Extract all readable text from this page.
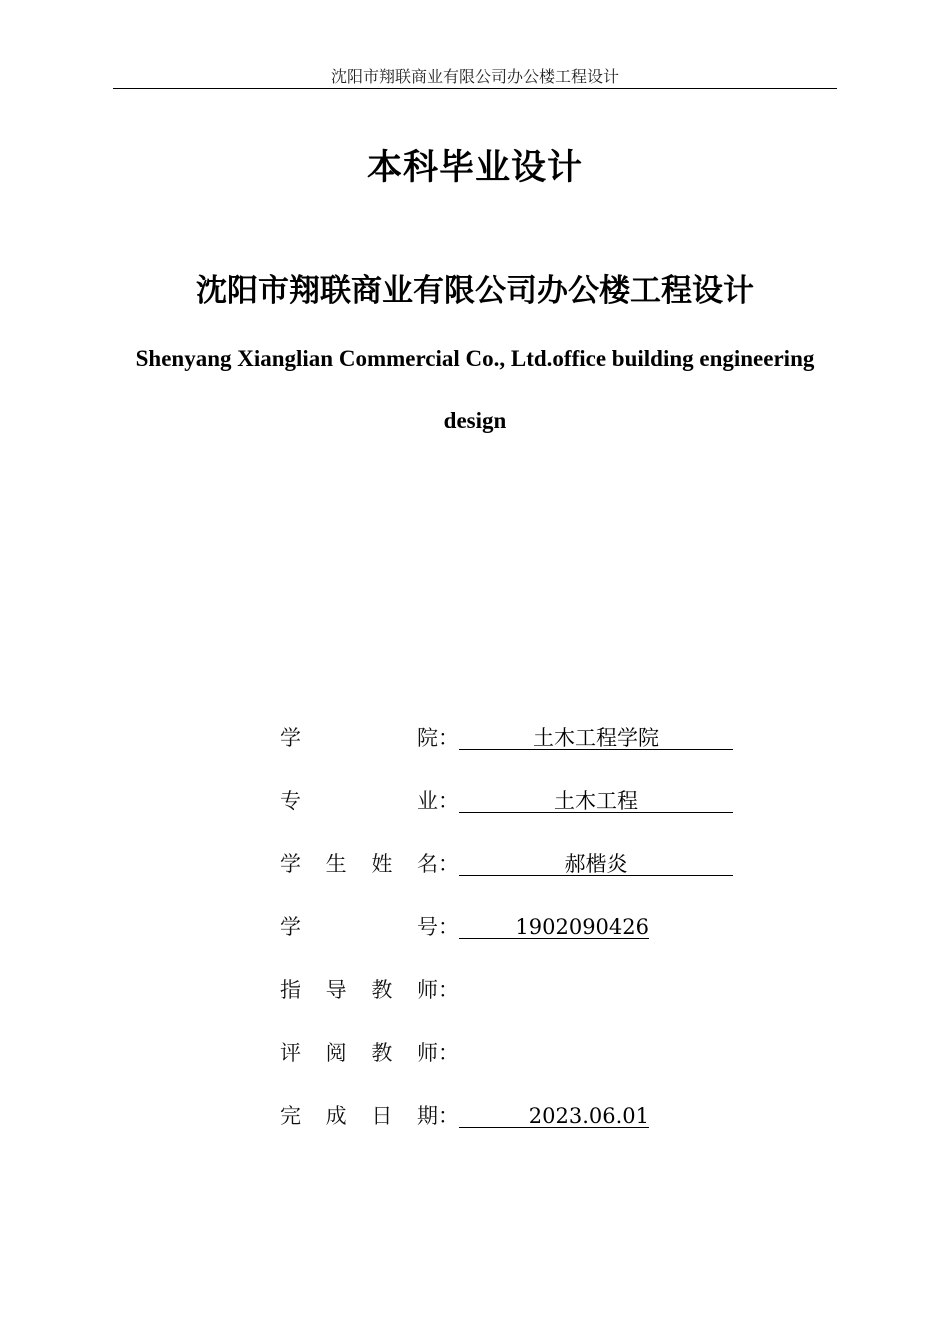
沈阳市翔联商业有限公司办公楼工程设计
本科毕业设计
沈阳市翔联商业有限公司办公楼工程设计
Shenyang Xianglian Commercial Co., Ltd.office building engineering design
学	院 ：	土木工程学院
专	业 ：	土木工程
学 生 姓 名 ：	郝楷炎
学	号 ：	1902090426
指 导 教 师 ：
评 阅 教 师 ：
完 成 日 期 ：	2023.06.01
